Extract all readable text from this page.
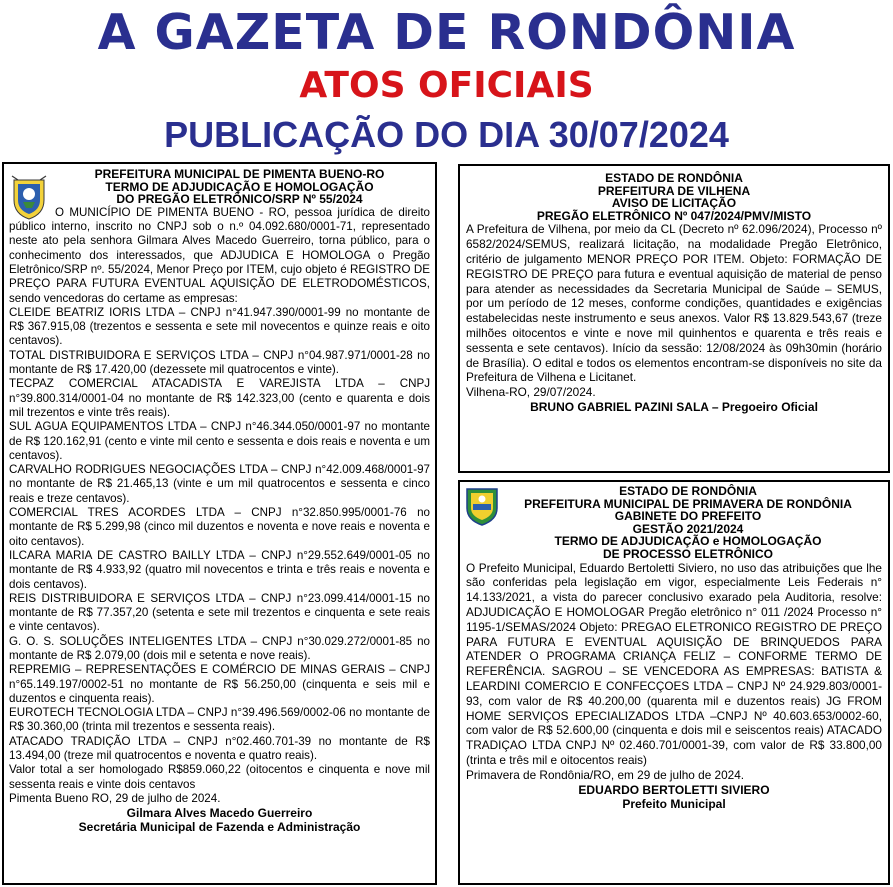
A GAZETA DE RONDÔNIA
ATOS OFICIAIS
PUBLICAÇÃO DO DIA 30/07/2024
PREFEITURA MUNICIPAL DE PIMENTA BUENO-RO
TERMO DE ADJUDICAÇÃO E HOMOLOGAÇÃO
DO PREGÃO ELETRÔNICO/SRP Nº 55/2024

O MUNICÍPIO DE PIMENTA BUENO - RO, pessoa jurídica de direito público interno, inscrito no CNPJ sob o n.º 04.092.680/0001-71, representado neste ato pela senhora Gilmara Alves Macedo Guerreiro, torna público, para o conhecimento dos interessados, que ADJUDICA E HOMOLOGA o Pregão Eletrônico/SRP nº. 55/2024, Menor Preço por ITEM, cujo objeto é REGISTRO DE PREÇO PARA FUTURA EVENTUAL AQUISIÇÃO DE ELETRODOMÉSTICOS, sendo vencedoras do certame as empresas:

CLEIDE BEATRIZ IORIS LTDA – CNPJ n°41.947.390/0001-99 no montante de R$ 367.915,08 (trezentos e sessenta e sete mil novecentos e quinze reais e oito centavos).

TOTAL DISTRIBUIDORA E SERVIÇOS LTDA – CNPJ n°04.987.971/0001-28 no montante de R$ 17.420,00 (dezessete mil quatrocentos e vinte).

TECPAZ COMERCIAL ATACADISTA E VAREJISTA LTDA – CNPJ n°39.800.314/0001-04 no montante de R$ 142.323,00 (cento e quarenta e dois mil trezentos e vinte três reais).

SUL AGUA EQUIPAMENTOS LTDA – CNPJ n°46.344.050/0001-97 no montante de R$ 120.162,91 (cento e vinte mil cento e sessenta e dois reais e noventa e um centavos).

CARVALHO RODRIGUES NEGOCIAÇÕES LTDA – CNPJ n°42.009.468/0001-97 no montante de R$ 21.465,13 (vinte e um mil quatrocentos e sessenta e cinco reais e treze centavos).

COMERCIAL TRES ACORDES LTDA – CNPJ n°32.850.995/0001-76 no montante de R$ 5.299,98 (cinco mil duzentos e noventa e nove reais e noventa e oito centavos).

ILCARA MARIA DE CASTRO BAILLY LTDA – CNPJ n°29.552.649/0001-05 no montante de R$ 4.933,92 (quatro mil novecentos e trinta e três reais e noventa e dois centavos).

REIS DISTRIBUIDORA E SERVIÇOS LTDA – CNPJ n°23.099.414/0001-15 no montante de R$ 77.357,20 (setenta e sete mil trezentos e cinquenta e sete reais e vinte centavos).

G. O. S. SOLUÇÕES INTELIGENTES LTDA – CNPJ n°30.029.272/0001-85 no montante de R$ 2.079,00 (dois mil e setenta e nove reais).

REPREMIG – REPRESENTAÇÕES E COMÉRCIO DE MINAS GERAIS – CNPJ n°65.149.197/0002-51 no montante de R$ 56.250,00 (cinquenta e seis mil e duzentos e cinquenta reais).

EUROTECH TECNOLOGIA LTDA – CNPJ n°39.496.569/0002-06 no montante de R$ 30.360,00 (trinta mil trezentos e sessenta reais).

ATACADO TRADIÇÃO LTDA – CNPJ n°02.460.701-39 no montante de R$ 13.494,00 (treze mil quatrocentos e noventa e quatro reais).

Valor total a ser homologado R$859.060,22 (oitocentos e cinquenta e nove mil sessenta reais e vinte dois centavos

Pimenta Bueno RO, 29 de julho de 2024.

Gilmara Alves Macedo Guerreiro
Secretária Municipal de Fazenda e Administração
ESTADO DE RONDÔNIA
PREFEITURA DE VILHENA
AVISO DE LICITAÇÃO
PREGÃO ELETRÔNICO Nº 047/2024/PMV/MISTO

A Prefeitura de Vilhena, por meio da CL (Decreto nº 62.096/2024), Processo nº 6582/2024/SEMUS, realizará licitação, na modalidade Pregão Eletrônico, critério de julgamento MENOR PREÇO POR ITEM. Objeto: FORMAÇÃO DE REGISTRO DE PREÇO para futura e eventual aquisição de material de penso para atender as necessidades da Secretaria Municipal de Saúde – SEMUS, por um período de 12 meses, conforme condições, quantidades e exigências estabelecidas neste instrumento e seus anexos. Valor R$ 13.829.543,67 (treze milhões oitocentos e vinte e nove mil quinhentos e quarenta e três reais e sessenta e sete centavos). Início da sessão: 12/08/2024 às 09h30min (horário de Brasília). O edital e todos os elementos encontram-se disponíveis no site da Prefeitura de Vilhena e Licitanet.

Vilhena-RO, 29/07/2024.

BRUNO GABRIEL PAZINI SALA – Pregoeiro Oficial
ESTADO DE RONDÔNIA
PREFEITURA MUNICIPAL DE PRIMAVERA DE RONDÔNIA
GABINETE DO PREFEITO
GESTÃO 2021/2024
TERMO DE ADJUDICAÇÃO e HOMOLOGAÇÃO
DE PROCESSO ELETRÔNICO

O Prefeito Municipal, Eduardo Bertoletti Siviero, no uso das atribuições que lhe são conferidas pela legislação em vigor, especialmente Leis Federais n° 14.133/2021, a vista do parecer conclusivo exarado pela Auditoria, resolve: ADJUDICAÇÃO E HOMOLOGAR Pregão eletrônico n° 011 /2024 Processo n° 1195-1/SEMAS/2024 Objeto: PREGAO ELETRONICO REGISTRO DE PREÇO PARA FUTURA E EVENTUAL AQUISIÇÃO DE BRINQUEDOS PARA ATENDER O PROGRAMA CRIANÇA FELIZ – CONFORME TERMO DE REFERÊNCIA. SAGROU – SE VENCEDORA AS EMPRESAS: BATISTA & LEARDINI COMERCIO E CONFECÇOES LTDA – CNPJ Nº 24.929.803/0001-93, com valor de R$ 40.200,00 (quarenta mil e duzentos reais) JG FROM HOME SERVIÇOS EPECIALIZADOS LTDA –CNPJ Nº 40.603.653/0002-60, com valor de R$ 52.600,00 (cinquenta e dois mil e seiscentos reais) ATACADO TRADIÇAO LTDA CNPJ Nº 02.460.701/0001-39, com valor de R$ 33.800,00 (trinta e três mil e oitocentos reais)

Primavera de Rondônia/RO, em 29 de julho de 2024.

EDUARDO BERTOLETTI SIVIERO
Prefeito Municipal
